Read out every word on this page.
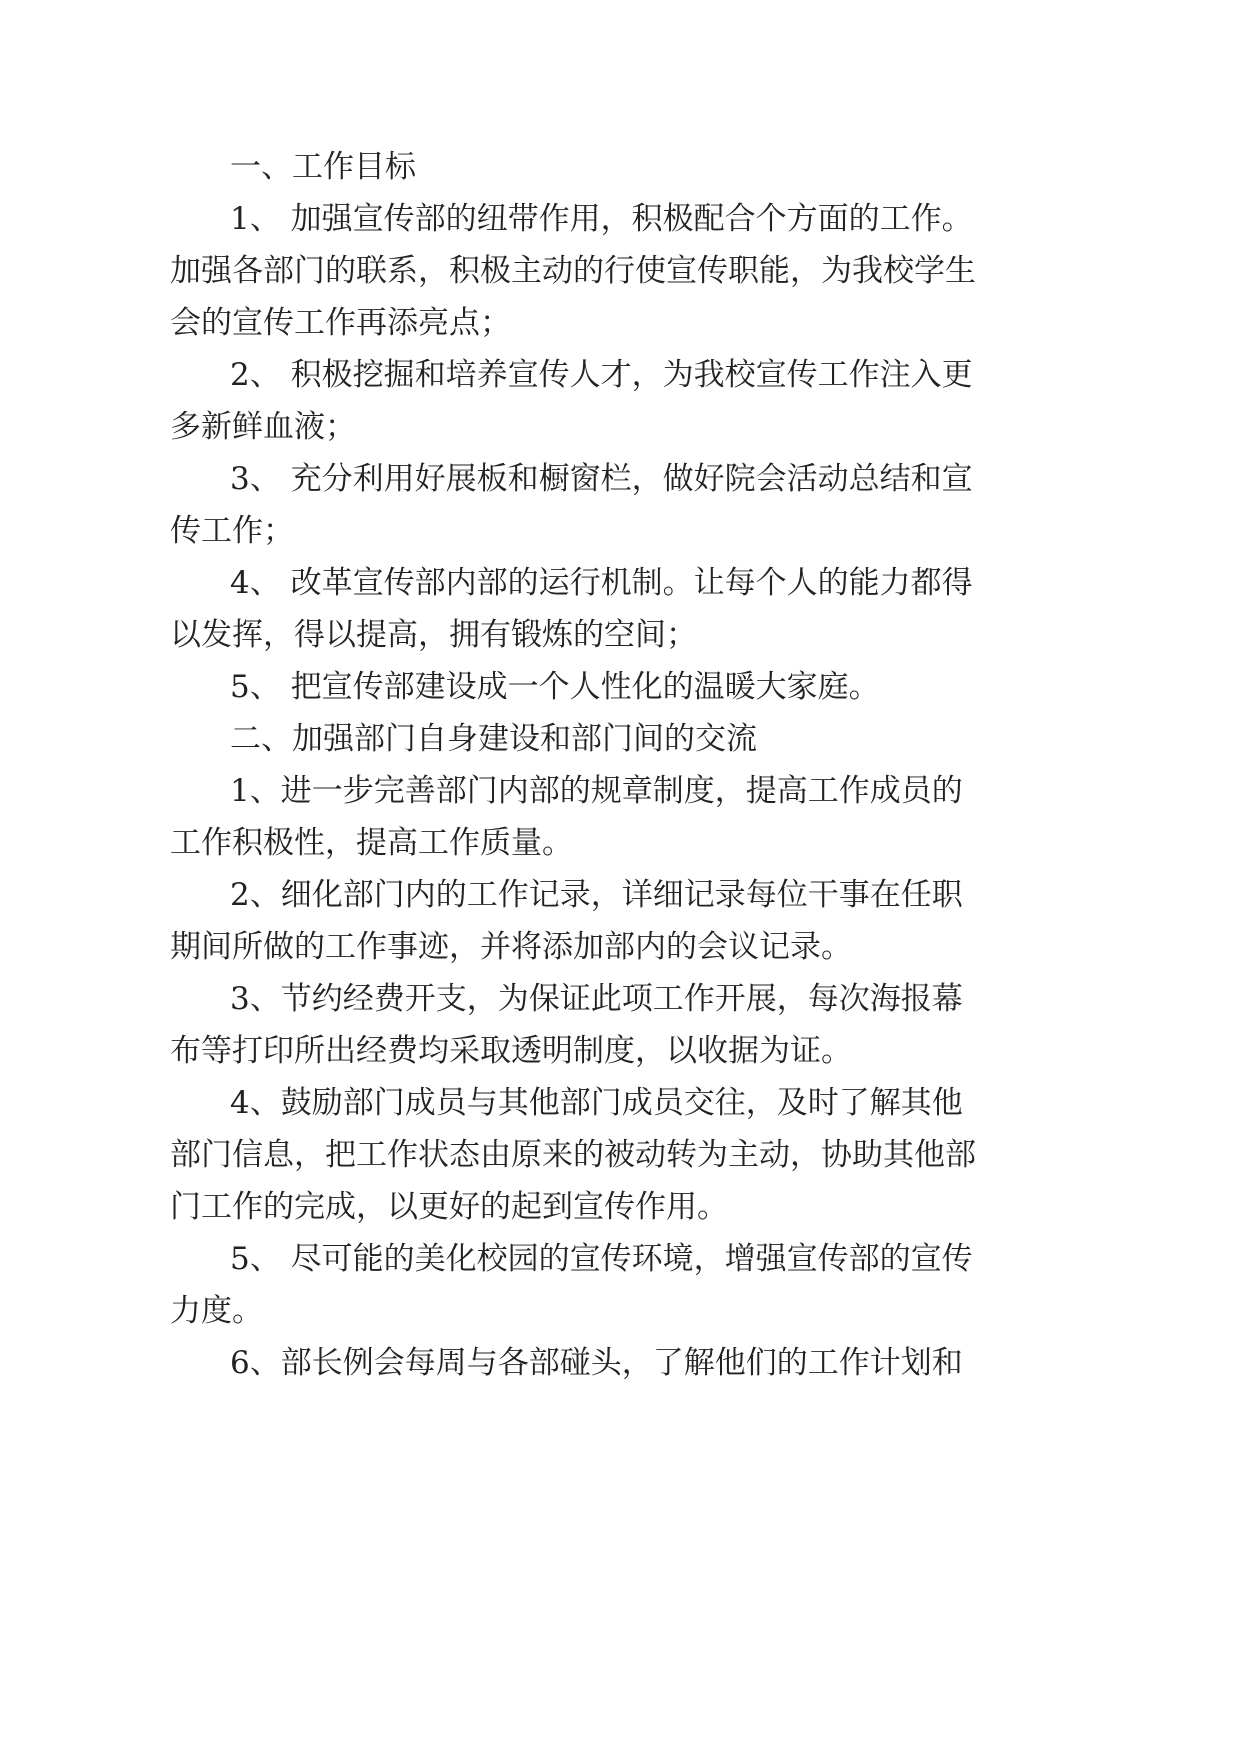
一、工作目标

1、 加强宣传部的纽带作用，积极配合个方面的工作。

加强各部门的联系，积极主动的行使宣传职能，为我校学生

会的宣传工作再添亮点；

2、 积极挖掘和培养宣传人才，为我校宣传工作注入更

多新鲜血液；

3、 充分利用好展板和橱窗栏，做好院会活动总结和宣

传工作；

4、 改革宣传部内部的运行机制。让每个人的能力都得

以发挥，得以提高，拥有锻炼的空间；

5、 把宣传部建设成一个人性化的温暖大家庭。

二、加强部门自身建设和部门间的交流

1、进一步完善部门内部的规章制度，提高工作成员的

工作积极性，提高工作质量。

2、细化部门内的工作记录，详细记录每位干事在任职

期间所做的工作事迹，并将添加部内的会议记录。

3、节约经费开支，为保证此项工作开展，每次海报幕

布等打印所出经费均采取透明制度，以收据为证。

4、鼓励部门成员与其他部门成员交往，及时了解其他

部门信息，把工作状态由原来的被动转为主动，协助其他部

门工作的完成，以更好的起到宣传作用。

5、 尽可能的美化校园的宣传环境，增强宣传部的宣传

力度。

6、部长例会每周与各部碰头，了解他们的工作计划和
